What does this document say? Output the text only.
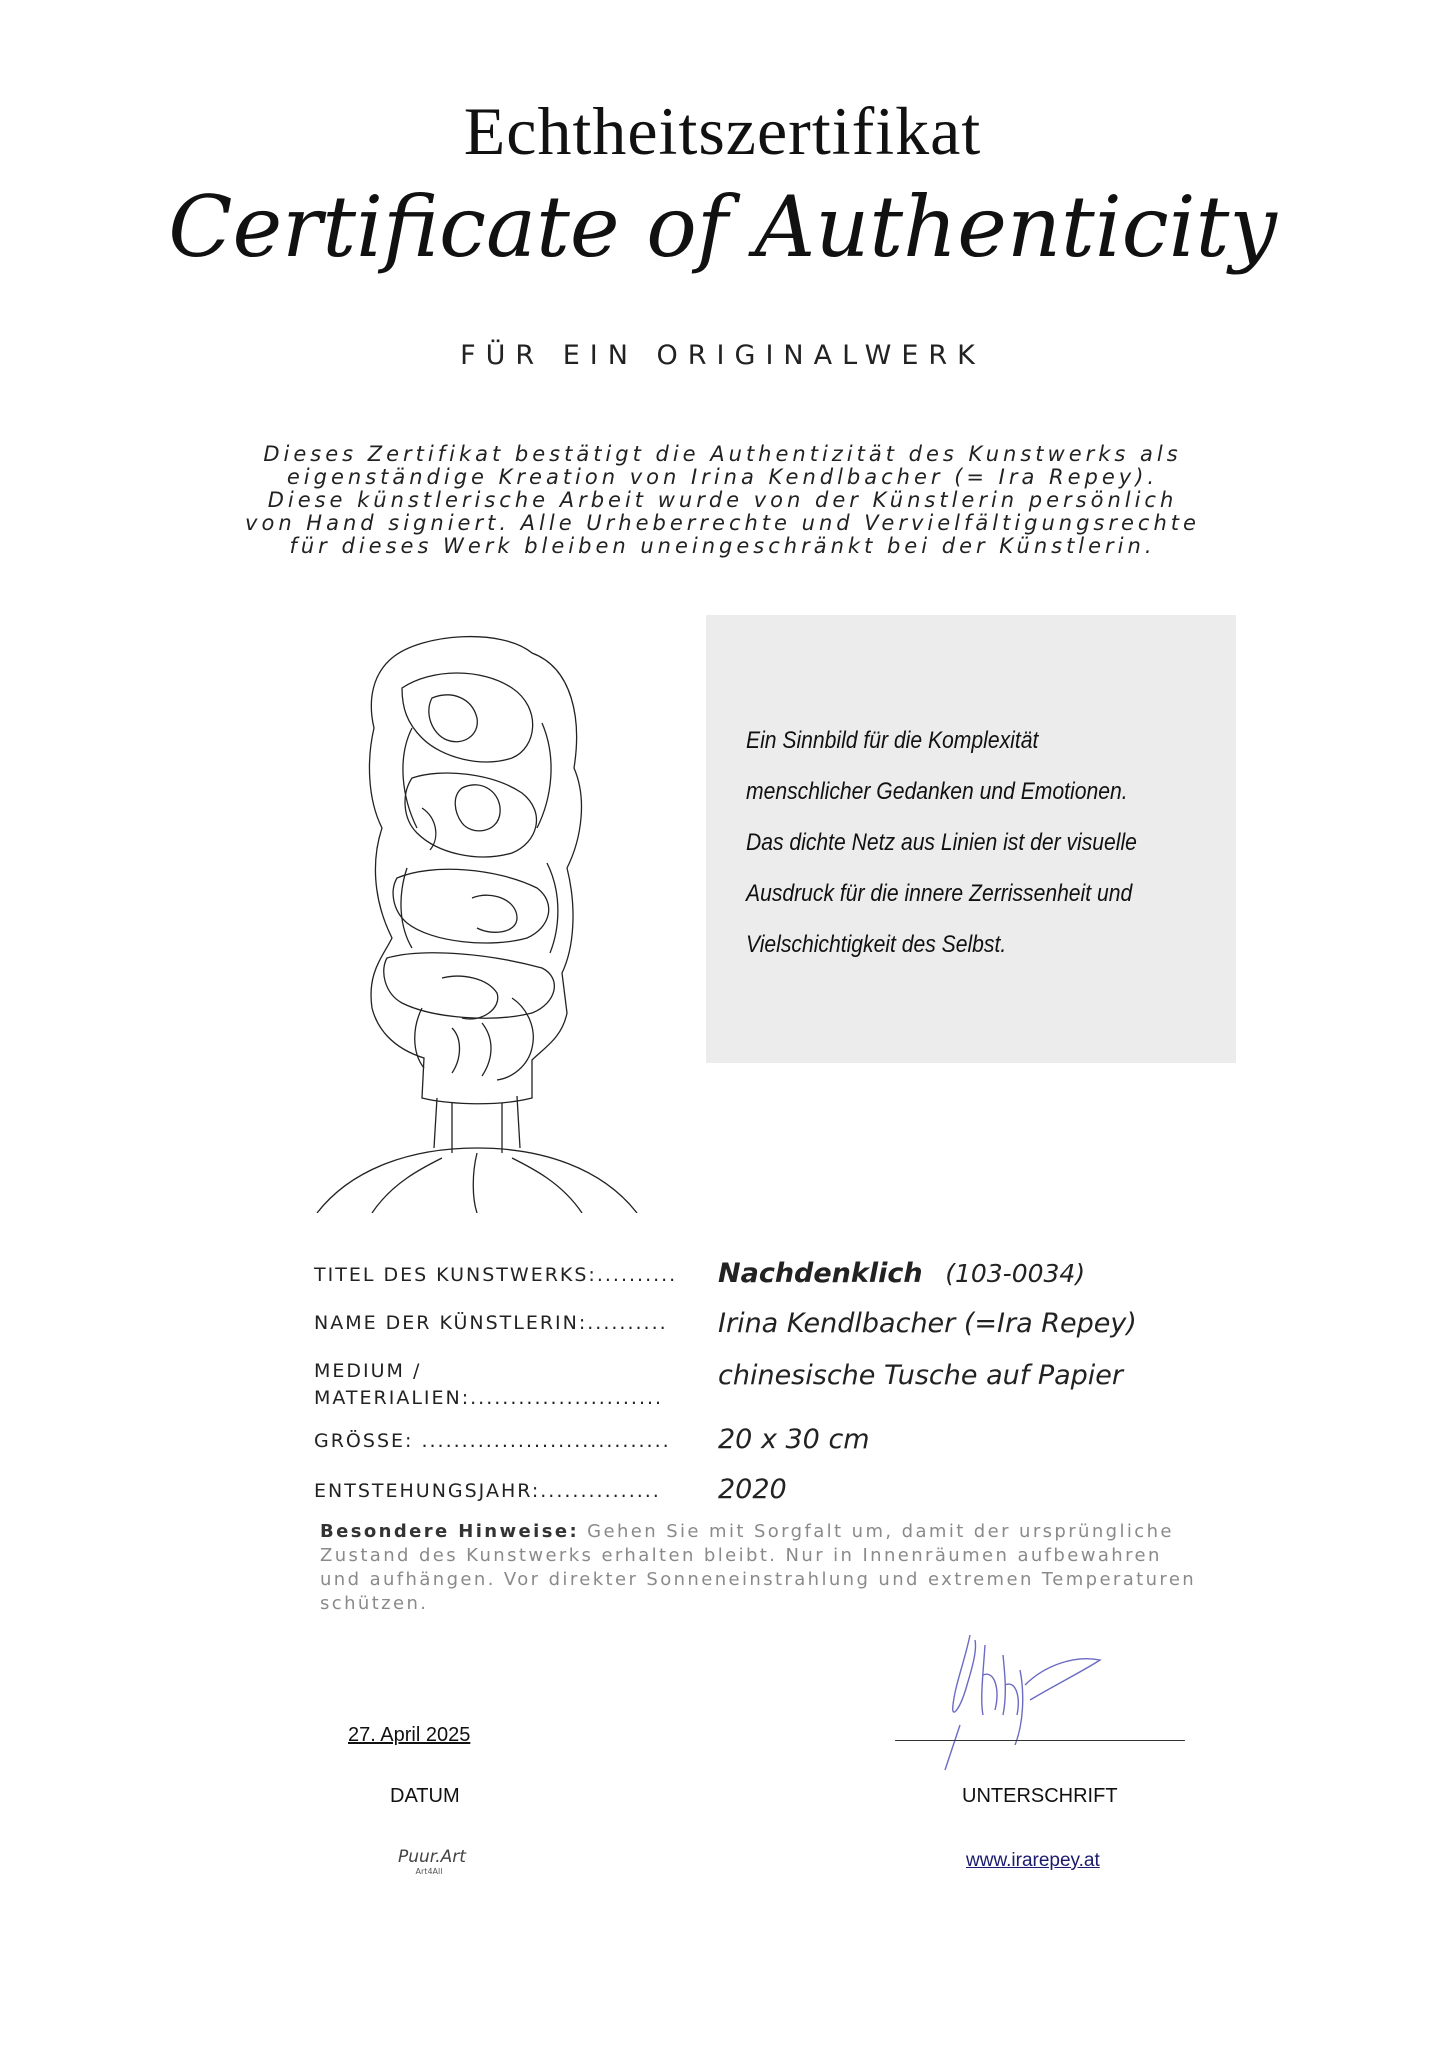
Echtheitszertifikat
Certificate of Authenticity
FÜR EIN ORIGINALWERK
Dieses Zertifikat bestätigt die Authentizität des Kunstwerks als
eigenständige Kreation von Irina Kendlbacher (= Ira Repey).
Diese künstlerische Arbeit wurde von der Künstlerin persönlich
von Hand signiert. Alle Urheberrechte und Vervielfältigungsrechte
für dieses Werk bleiben uneingeschränkt bei der Künstlerin.
Ein Sinnbild für die Komplexität
menschlicher Gedanken und Emotionen.
Das dichte Netz aus Linien ist der visuelle
Ausdruck für die innere Zerrissenheit und
Vielschichtigkeit des Selbst.
TITEL DES KUNSTWERKS:..........	Nachdenklich (103-0034)
NAME DER KÜNSTLERIN:..........	Irina Kendlbacher (=Ira Repey)
MEDIUM /
MATERIALIEN:........................
chinesische Tusche auf Papier
GRÖSSE: ...............................	20 x 30 cm
ENTSTEHUNGSJAHR:...............	2020
Besondere Hinweise: Gehen Sie mit Sorgfalt um, damit der ursprüngliche Zustand des Kunstwerks erhalten bleibt. Nur in Innenräumen aufbewahren und aufhängen. Vor direkter Sonneneinstrahlung und extremen Temperaturen schützen.
27. April 2025
DATUM	UNTERSCHRIFT
Puur.Art
Art4All
www.irarepey.at
